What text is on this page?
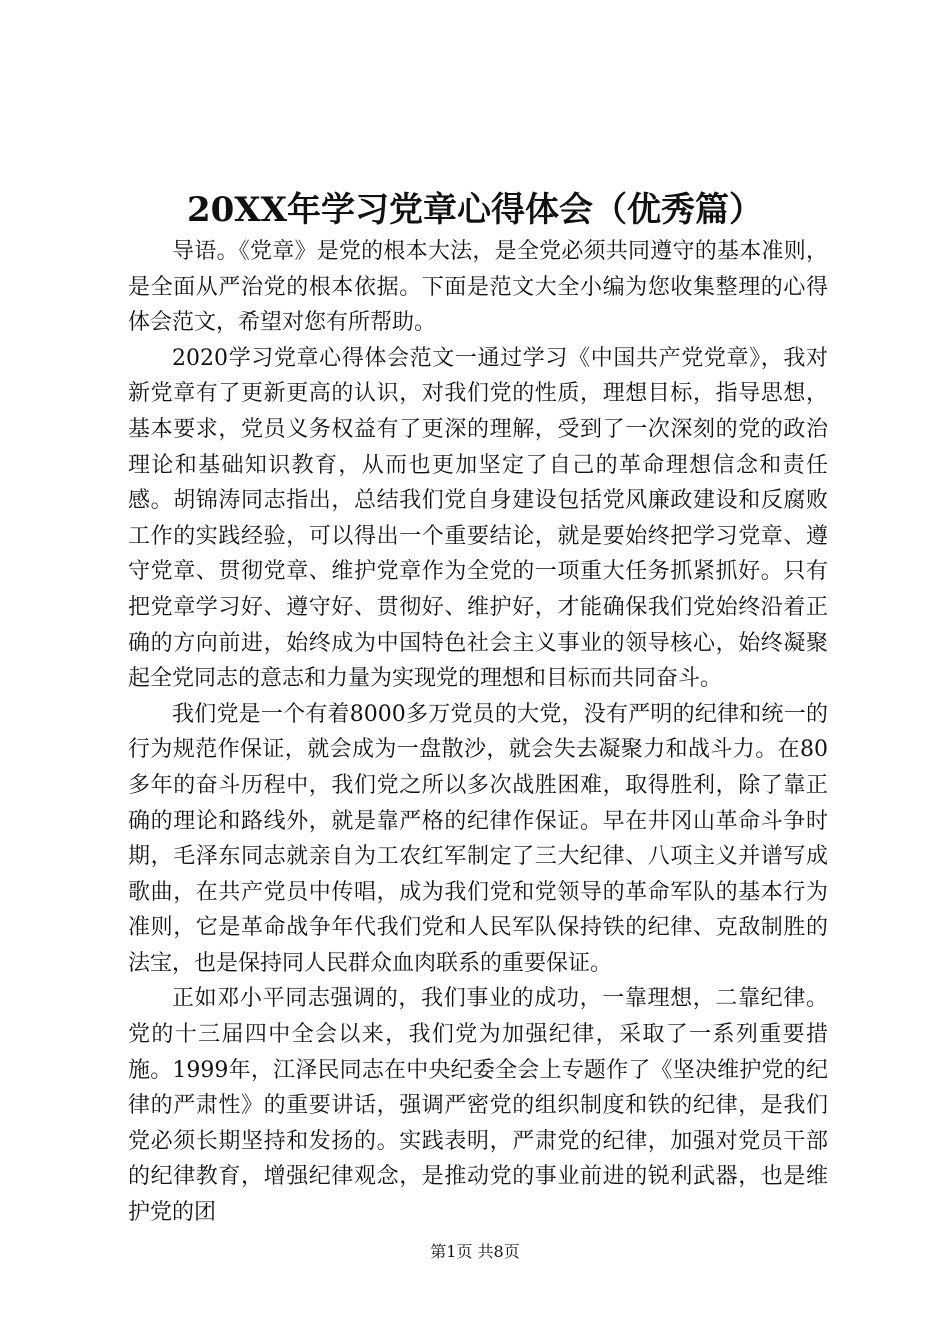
20XX年学习党章心得体会（优秀篇）

导语。《党章》是党的根本大法，是全党必须共同遵守的基本准则，是全面从严治党的根本依据。下面是范文大全小编为您收集整理的心得体会范文，希望对您有所帮助。

2020学习党章心得体会范文一通过学习《中国共产党党章》，我对新党章有了更新更高的认识，对我们党的性质，理想目标，指导思想，基本要求，党员义务权益有了更深的理解，受到了一次深刻的党的政治理论和基础知识教育，从而也更加坚定了自己的革命理想信念和责任感。胡锦涛同志指出，总结我们党自身建设包括党风廉政建设和反腐败工作的实践经验，可以得出一个重要结论，就是要始终把学习党章、遵守党章、贯彻党章、维护党章作为全党的一项重大任务抓紧抓好。只有把党章学习好、遵守好、贯彻好、维护好，才能确保我们党始终沿着正确的方向前进，始终成为中国特色社会主义事业的领导核心，始终凝聚起全党同志的意志和力量为实现党的理想和目标而共同奋斗。

我们党是一个有着8000多万党员的大党，没有严明的纪律和统一的行为规范作保证，就会成为一盘散沙，就会失去凝聚力和战斗力。在80多年的奋斗历程中，我们党之所以多次战胜困难，取得胜利，除了靠正确的理论和路线外，就是靠严格的纪律作保证。早在井冈山革命斗争时期，毛泽东同志就亲自为工农红军制定了三大纪律、八项主义并谱写成歌曲，在共产党员中传唱，成为我们党和党领导的革命军队的基本行为准则，它是革命战争年代我们党和人民军队保持铁的纪律、克敌制胜的法宝，也是保持同人民群众血肉联系的重要保证。

正如邓小平同志强调的，我们事业的成功，一靠理想，二靠纪律。党的十三届四中全会以来，我们党为加强纪律，采取了一系列重要措施。1999年，江泽民同志在中央纪委全会上专题作了《坚决维护党的纪律的严肃性》的重要讲话，强调严密党的组织制度和铁的纪律，是我们党必须长期坚持和发扬的。实践表明，严肃党的纪律，加强对党员干部的纪律教育，增强纪律观念，是推动党的事业前进的锐利武器，也是维护党的团

第1页 共8页
